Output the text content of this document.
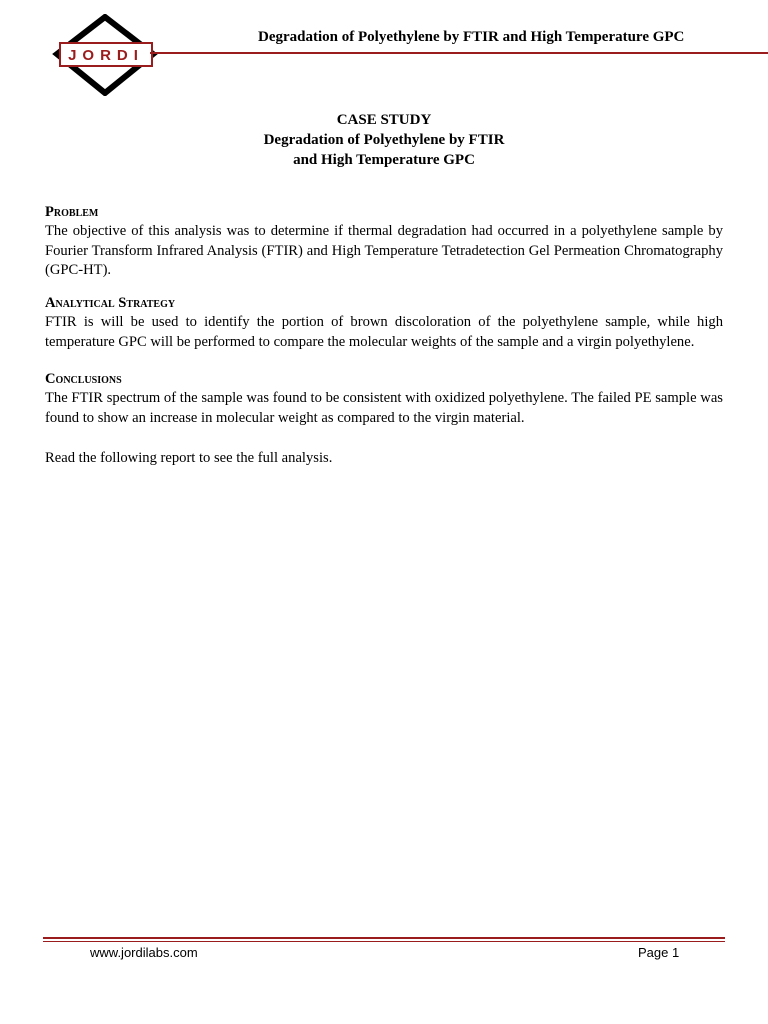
JORDI
Degradation of Polyethylene by FTIR and High Temperature GPC
CASE STUDY
Degradation of Polyethylene by FTIR
and High Temperature GPC
Problem
The objective of this analysis was to determine if thermal degradation had occurred in a polyethylene sample by Fourier Transform Infrared Analysis (FTIR) and High Temperature Tetradetection Gel Permeation Chromatography (GPC-HT).
Analytical Strategy
FTIR is will be used to identify the portion of brown discoloration of the polyethylene sample, while high temperature GPC will be performed to compare the molecular weights of the sample and a virgin polyethylene.
Conclusions
The FTIR spectrum of the sample was found to be consistent with oxidized polyethylene. The failed PE sample was found to show an increase in molecular weight as compared to the virgin material.
Read the following report to see the full analysis.
www.jordilabs.com	Page 1
